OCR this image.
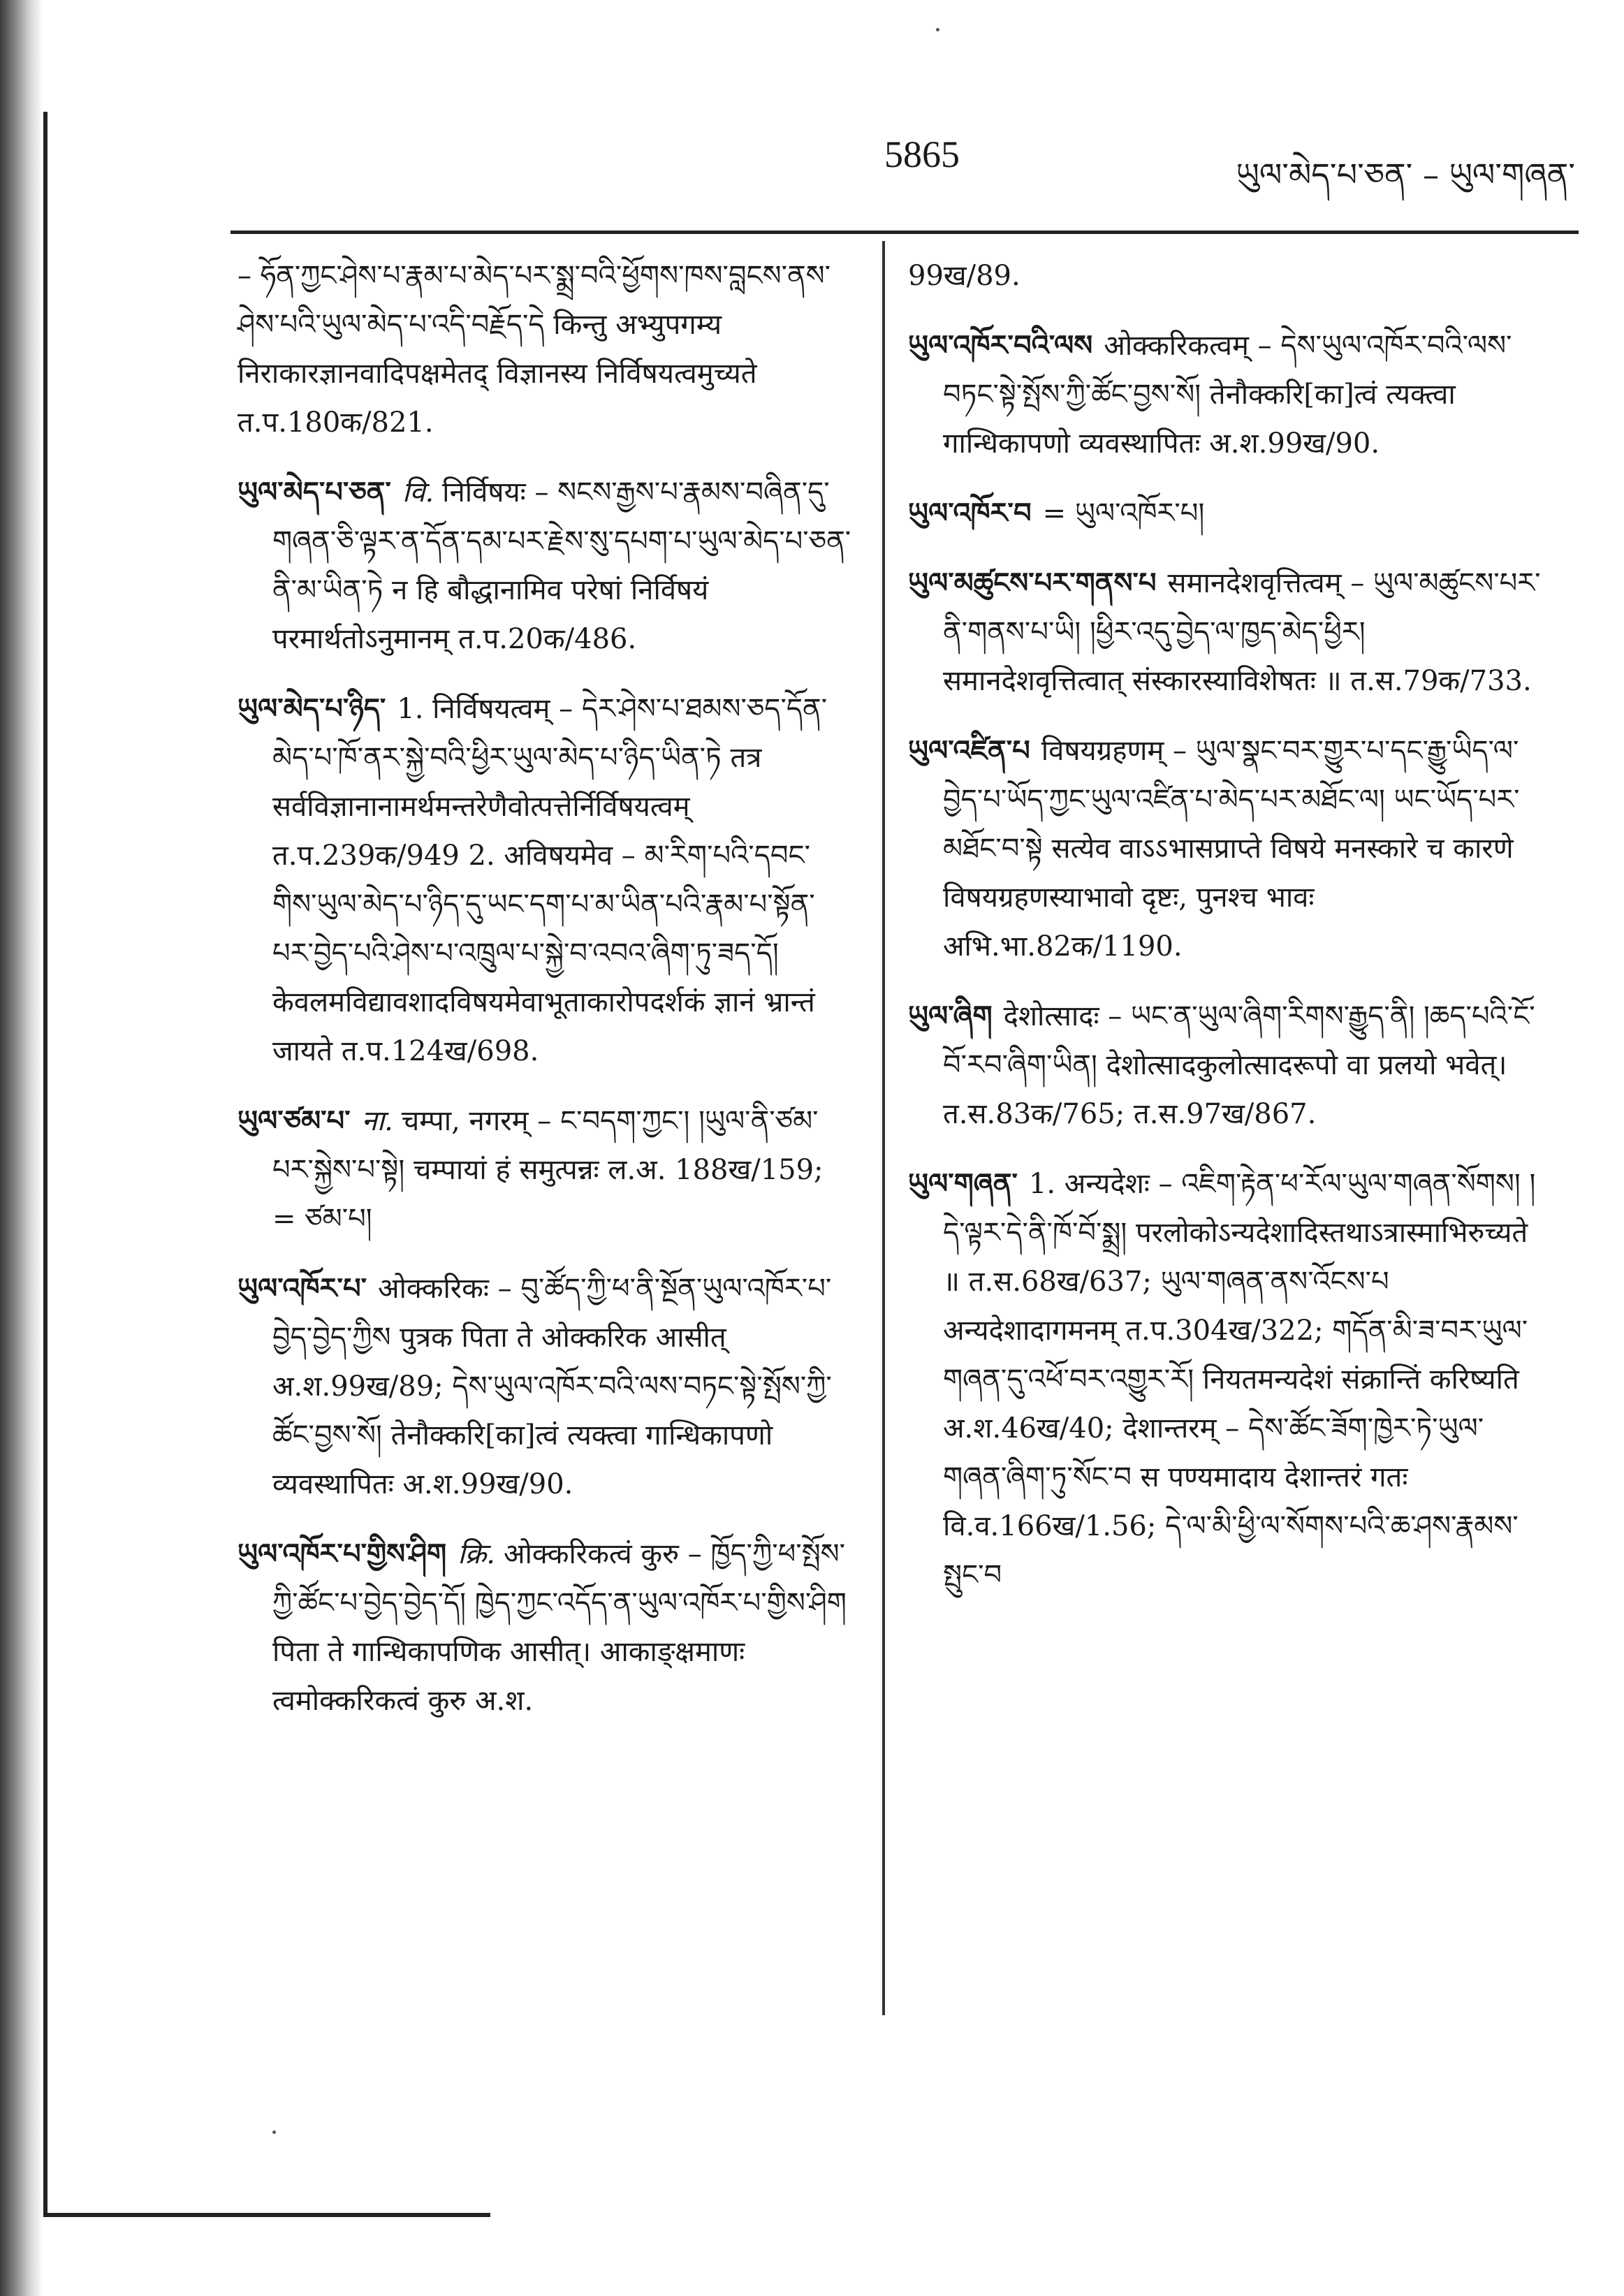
5865	ཡུལ་མེད་པ་ཅན་ – ཡུལ་གཞན་

– ཧོན་ཀྱང་ཤེས་པ་རྣམ་པ་མེད་པར་སྨྲ་བའི་ཕྱོགས་ཁས་བླངས་ནས་ཤེས་པའི་ཡུལ་མེད་པ་འདི་བརྗོད་དེ किन्तु अभ्युपगम्य निराकारज्ञानवादिपक्षमेतद् विज्ञानस्य निर्विषयत्वमुच्यते त.प.180क/821.

ཡུལ་མེད་པ་ཅན་ वि. निर्विषयः – སངས་རྒྱས་པ་རྣམས་བཞིན་དུ་གཞན་ཅི་ལྟར་ན་དོན་དམ་པར་རྗེས་སུ་དཔག་པ་ཡུལ་མེད་པ་ཅན་ནི་མ་ཡིན་ཏེ न हि बौद्धानामिव परेषां निर्विषयं परमार्थतोऽनुमानम् त.प.20क/486.

ཡུལ་མེད་པ་ཉིད་ 1. निर्विषयत्वम् – དེར་ཤེས་པ་ཐམས་ཅད་དོན་མེད་པ་ཁོ་ནར་སྐྱེ་བའི་ཕྱིར་ཡུལ་མེད་པ་ཉིད་ཡིན་ཏེ तत्र सर्वविज्ञानानामर्थमन्तरेणैवोत्पत्तेर्निर्विषयत्वम् त.प.239क/949 2. अविषयमेव – མ་རིག་པའི་དབང་གིས་ཡུལ་མེད་པ་ཉིད་དུ་ཡང་དག་པ་མ་ཡིན་པའི་རྣམ་པ་སྟོན་པར་བྱེད་པའི་ཤེས་པ་འཁྲུལ་པ་སྐྱེ་བ་འབའ་ཞིག་ཏུ་ཟད་དོ། केवलमविद्यावशादविषयमेवाभूताकारोपदर्शकं ज्ञानं भ्रान्तं जायते त.प.124ख/698.

ཡུལ་ཙམ་པ་ ना. चम्पा, नगरम् – ང་བདག་ཀྱང་། །ཡུལ་ནི་ཙམ་པར་སྐྱེས་པ་སྟེ། चम्पायां हं समुत्पन्नः ल.अ. 188ख/159; = ཙམ་པ།

ཡུལ་འཁོར་པ་ ओक्करिकः – བུ་ཚོད་ཀྱི་ཕ་ནི་སྔོན་ཡུལ་འཁོར་པ་བྱེད་བྱེད་ཀྱིས पुत्रक पिता ते ओक्करिक आसीत् अ.श.99ख/89; དེས་ཡུལ་འཁོར་བའི་ལས་བཏང་སྟེ་སྤོས་ཀྱི་ཚོང་བྱས་སོ། तेनौक्करि[का]त्वं त्यक्त्वा गान्धिकापणो व्यवस्थापितः अ.श.99ख/90.

ཡུལ་འཁོར་པ་གྱིས་ཤིག क्रि. ओक्करिकत्वं कुरु – ཁྱོད་ཀྱི་ཕ་སྤོས་ཀྱི་ཚོང་པ་བྱེད་བྱེད་དོ། ཁྱེད་ཀྱང་འདོད་ན་ཡུལ་འཁོར་པ་གྱིས་ཤིག पिता ते गान्धिकापणिक आसीत्। आकाङ्क्षमाणः त्वमोक्करिकत्वं कुरु अ.श.

99ख/89.

ཡུལ་འཁོར་བའི་ལས ओक्करिकत्वम् – དེས་ཡུལ་འཁོར་བའི་ལས་བཏང་སྟེ་སྤོས་ཀྱི་ཚོང་བྱས་སོ། तेनौक्करि[का]त्वं त्यक्त्वा गान्धिकापणो व्यवस्थापितः अ.श.99ख/90.

ཡུལ་འཁོར་བ = ཡུལ་འཁོར་པ།

ཡུལ་མཚུངས་པར་གནས་པ समानदेशवृत्तित्वम् – ཡུལ་མཚུངས་པར་ནི་གནས་པ་ཡི། །ཕྱིར་འདུ་བྱེད་ལ་ཁྱད་མེད་ཕྱིར། समानदेशवृत्तित्वात् संस्कारस्याविशेषतः ॥ त.स.79क/733.

ཡུལ་འཛིན་པ विषयग्रहणम् – ཡུལ་སྣང་བར་གྱུར་པ་དང་རྒྱུ་ཡིད་ལ་བྱེད་པ་ཡོད་ཀྱང་ཡུལ་འཛིན་པ་མེད་པར་མཐོང་ལ། ཡང་ཡོད་པར་མཐོང་བ་སྟེ सत्येव वाऽऽभासप्राप्ते विषये मनस्कारे च कारणे विषयग्रहणस्याभावो दृष्टः, पुनश्च भावः अभि.भा.82क/1190.

ཡུལ་ཞིག देशोत्सादः – ཡང་ན་ཡུལ་ཞིག་རིགས་རྒྱུད་ནི། །ཆད་པའི་ངོ་བོ་རབ་ཞིག་ཡིན། देशोत्सादकुलोत्सादरूपो वा प्रलयो भवेत्। त.स.83क/765; त.स.97ख/867.

ཡུལ་གཞན་ 1. अन्यदेशः – འཇིག་རྟེན་ཕ་རོལ་ཡུལ་གཞན་སོགས། །དེ་ལྟར་དེ་ནི་ཁོ་བོ་སྨྲ། परलोकोऽन्यदेशादिस्तथाऽत्रास्माभिरुच्यते ॥ त.स.68ख/637; ཡུལ་གཞན་ནས་འོངས་པ अन्यदेशादागमनम् त.प.304ख/322; གདོན་མི་ཟ་བར་ཡུལ་གཞན་དུ་འཕོ་བར་འགྱུར་རོ། नियतमन्यदेशं संक्रान्तिं करिष्यति अ.श.46ख/40; देशान्तरम् – དེས་ཚོང་ཟོག་ཁྱེར་ཏེ་ཡུལ་གཞན་ཞིག་ཏུ་སོང་བ स पण्यमादाय देशान्तरं गतः वि.व.166ख/1.56; དེ་ལ་མི་ཕྱི་ལ་སོགས་པའི་ཆ་ཤས་རྣམས་སྤུང་བ
